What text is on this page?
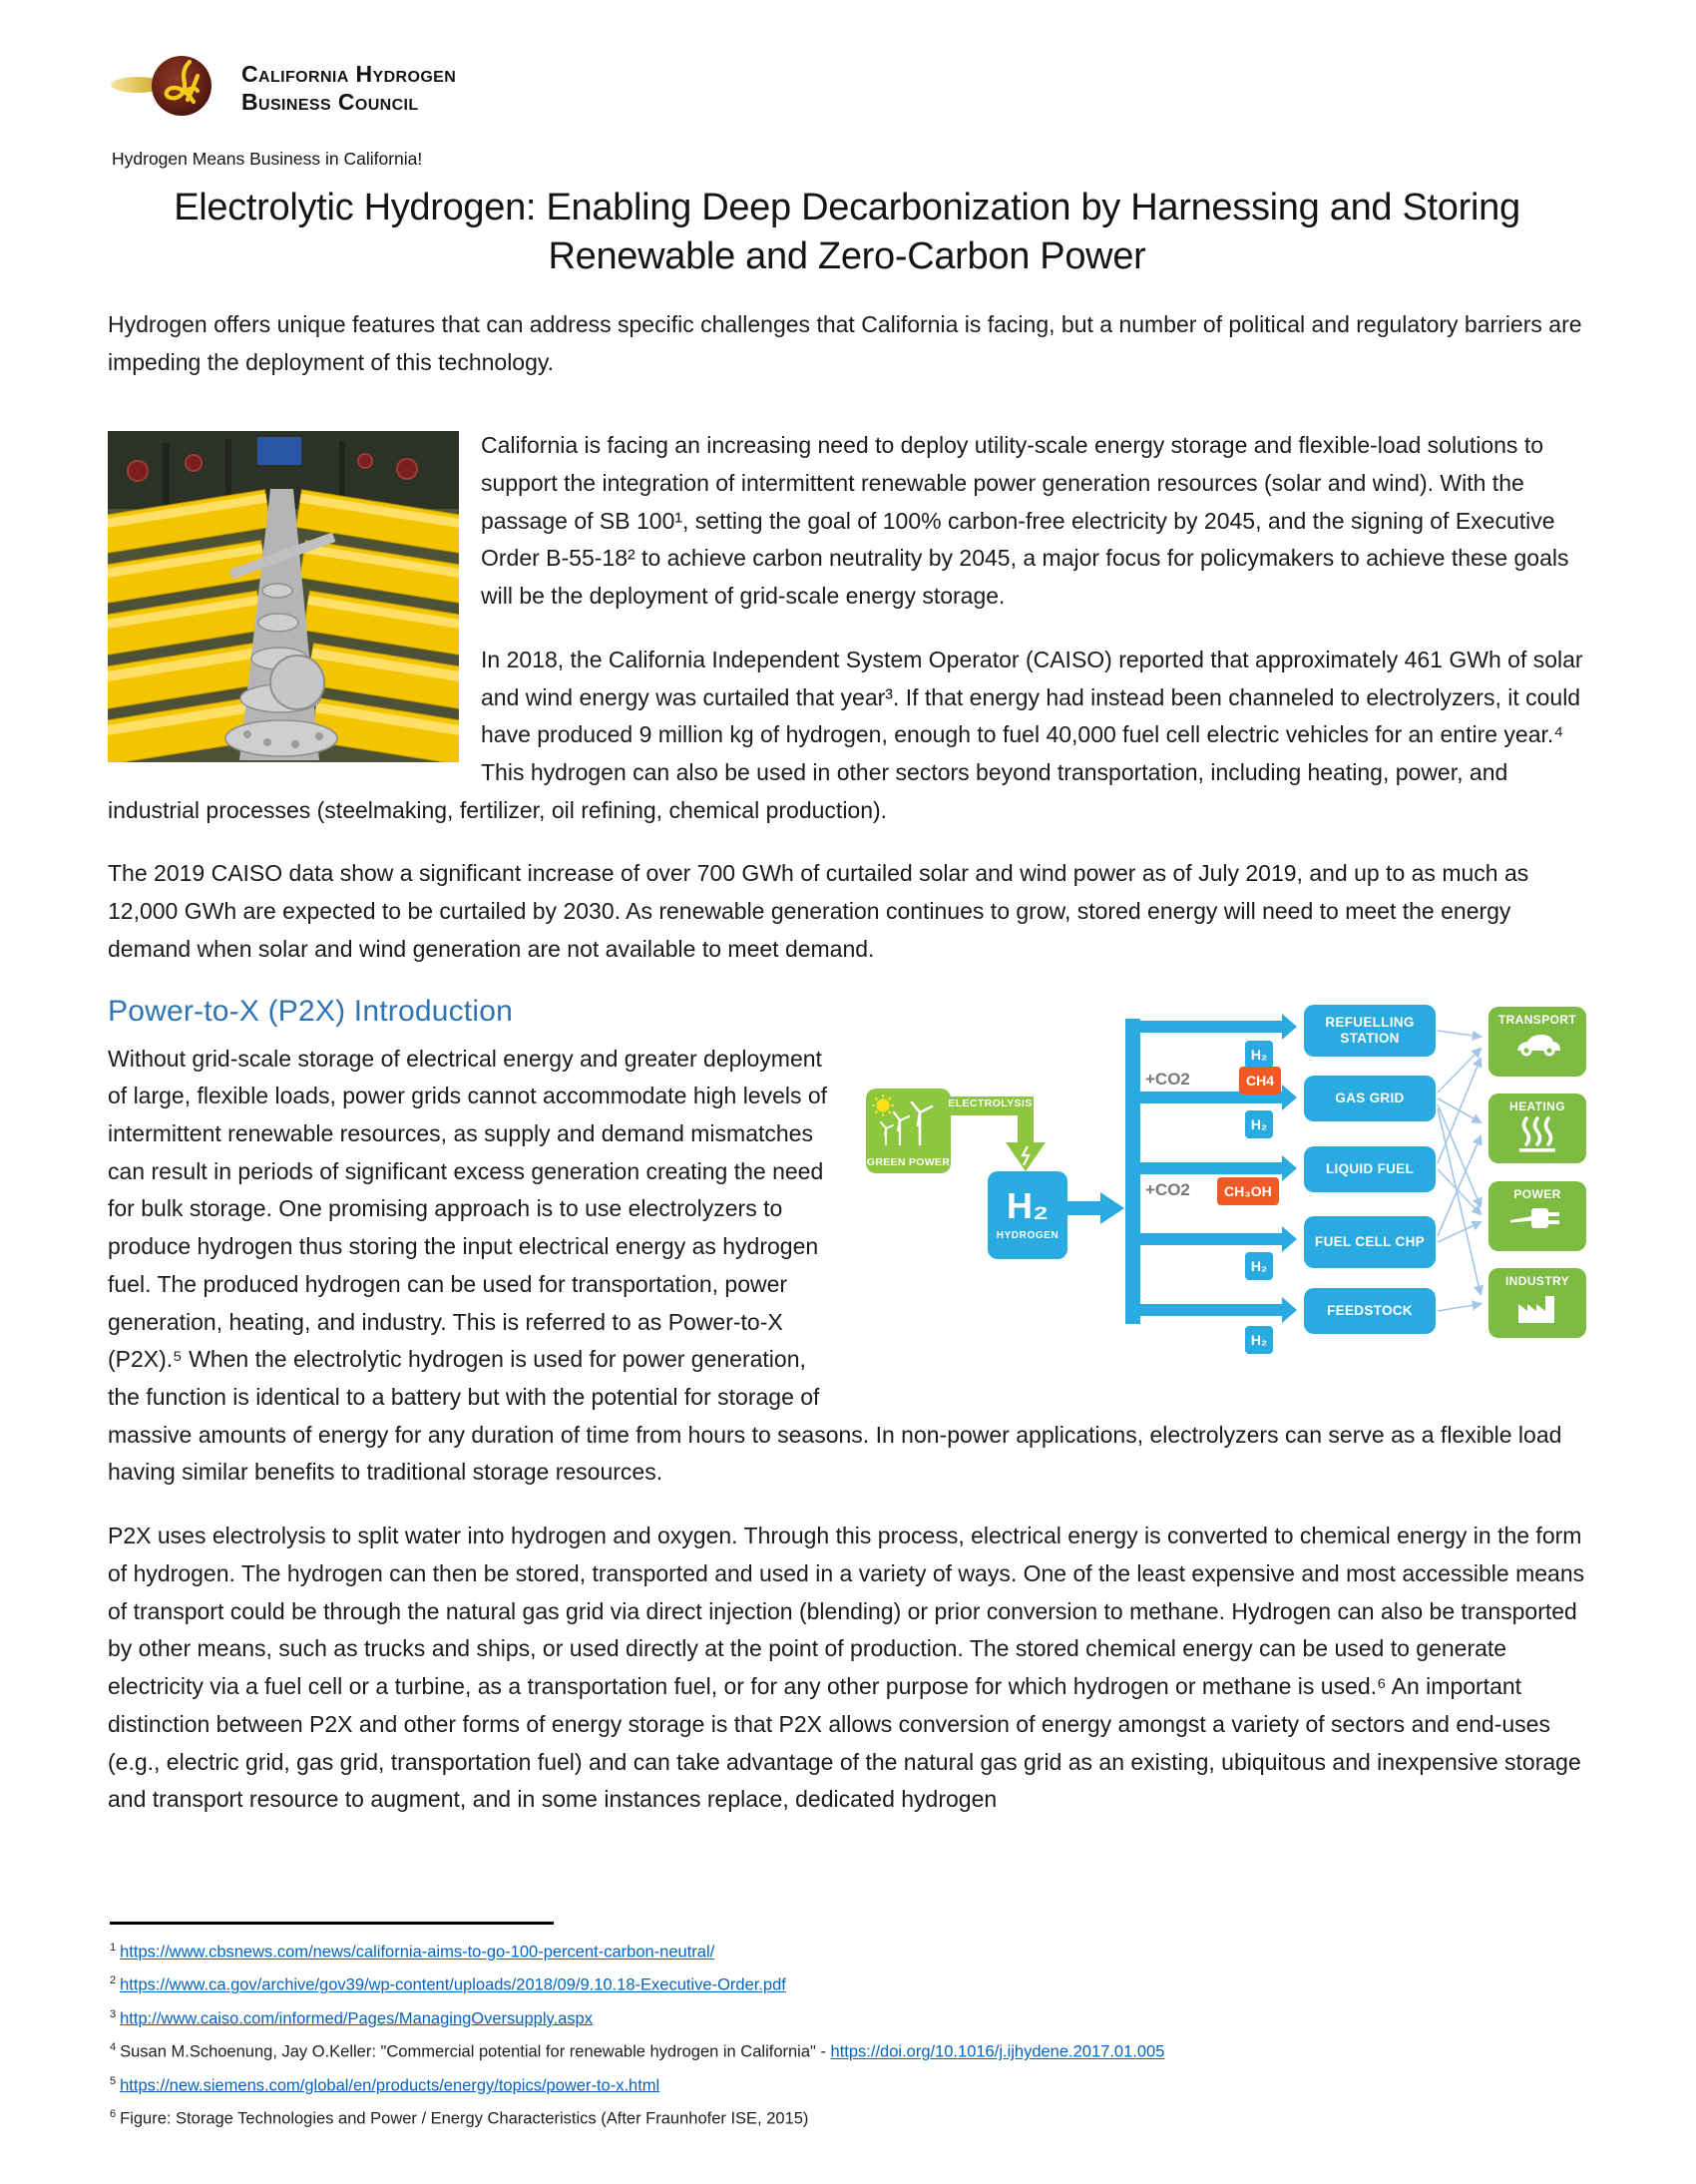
California Hydrogen
Business Council
Hydrogen Means Business in California!
Electrolytic Hydrogen: Enabling Deep Decarbonization by Harnessing and Storing Renewable and Zero-Carbon Power

Hydrogen offers unique features that can address specific challenges that California is facing, but a number of political and regulatory barriers are impeding the deployment of this technology.

California is facing an increasing need to deploy utility-scale energy storage and flexible-load solutions to support the integration of intermittent renewable power generation resources (solar and wind). With the passage of SB 100¹, setting the goal of 100% carbon-free electricity by 2045, and the signing of Executive Order B-55-18² to achieve carbon neutrality by 2045, a major focus for policymakers to achieve these goals will be the deployment of grid-scale energy storage.

In 2018, the California Independent System Operator (CAISO) reported that approximately 461 GWh of solar and wind energy was curtailed that year³. If that energy had instead been channeled to electrolyzers, it could have produced 9 million kg of hydrogen, enough to fuel 40,000 fuel cell electric vehicles for an entire year.⁴ This hydrogen can also be used in other sectors beyond transportation, including heating, power, and industrial processes (steelmaking, fertilizer, oil refining, chemical production).

The 2019 CAISO data show a significant increase of over 700 GWh of curtailed solar and wind power as of July 2019, and up to as much as 12,000 GWh are expected to be curtailed by 2030. As renewable generation continues to grow, stored energy will need to meet the energy demand when solar and wind generation are not available to meet demand.

GREEN POWER
ELECTROLYSIS
H₂
HYDROGEN
H₂
+CO2	CH4
H₂
+CO2	CH₃OH
H₂
H₂
REFUELLING STATION
GAS GRID
LIQUID FUEL
FUEL CELL CHP
FEEDSTOCK
TRANSPORT
HEATING
POWER
INDUSTRY
Power-to-X (P2X) Introduction

Without grid-scale storage of electrical energy and greater deployment of large, flexible loads, power grids cannot accommodate high levels of intermittent renewable resources, as supply and demand mismatches can result in periods of significant excess generation creating the need for bulk storage. One promising approach is to use electrolyzers to produce hydrogen thus storing the input electrical energy as hydrogen fuel. The produced hydrogen can be used for transportation, power generation, heating, and industry. This is referred to as Power-to-X (P2X).⁵ When the electrolytic hydrogen is used for power generation, the function is identical to a battery but with the potential for storage of massive amounts of energy for any duration of time from hours to seasons. In non-power applications, electrolyzers can serve as a flexible load having similar benefits to traditional storage resources.

P2X uses electrolysis to split water into hydrogen and oxygen. Through this process, electrical energy is converted to chemical energy in the form of hydrogen. The hydrogen can then be stored, transported and used in a variety of ways. One of the least expensive and most accessible means of transport could be through the natural gas grid via direct injection (blending) or prior conversion to methane. Hydrogen can also be transported by other means, such as trucks and ships, or used directly at the point of production. The stored chemical energy can be used to generate electricity via a fuel cell or a turbine, as a transportation fuel, or for any other purpose for which hydrogen or methane is used.⁶ An important distinction between P2X and other forms of energy storage is that P2X allows conversion of energy amongst a variety of sectors and end-uses (e.g., electric grid, gas grid, transportation fuel) and can take advantage of the natural gas grid as an existing, ubiquitous and inexpensive storage and transport resource to augment, and in some instances replace, dedicated hydrogen

$^1$ https://www.cbsnews.com/news/california-aims-to-go-100-percent-carbon-neutral/
$^2$ https://www.ca.gov/archive/gov39/wp-content/uploads/2018/09/9.10.18-Executive-Order.pdf
$^3$ http://www.caiso.com/informed/Pages/ManagingOversupply.aspx
$^4$ Susan M.Schoenung, Jay O.Keller: "Commercial potential for renewable hydrogen in California" - https://doi.org/10.1016/j.ijhydene.2017.01.005
$^5$ https://new.siemens.com/global/en/products/energy/topics/power-to-x.html
$^6$ Figure: Storage Technologies and Power / Energy Characteristics (After Fraunhofer ISE, 2015)
